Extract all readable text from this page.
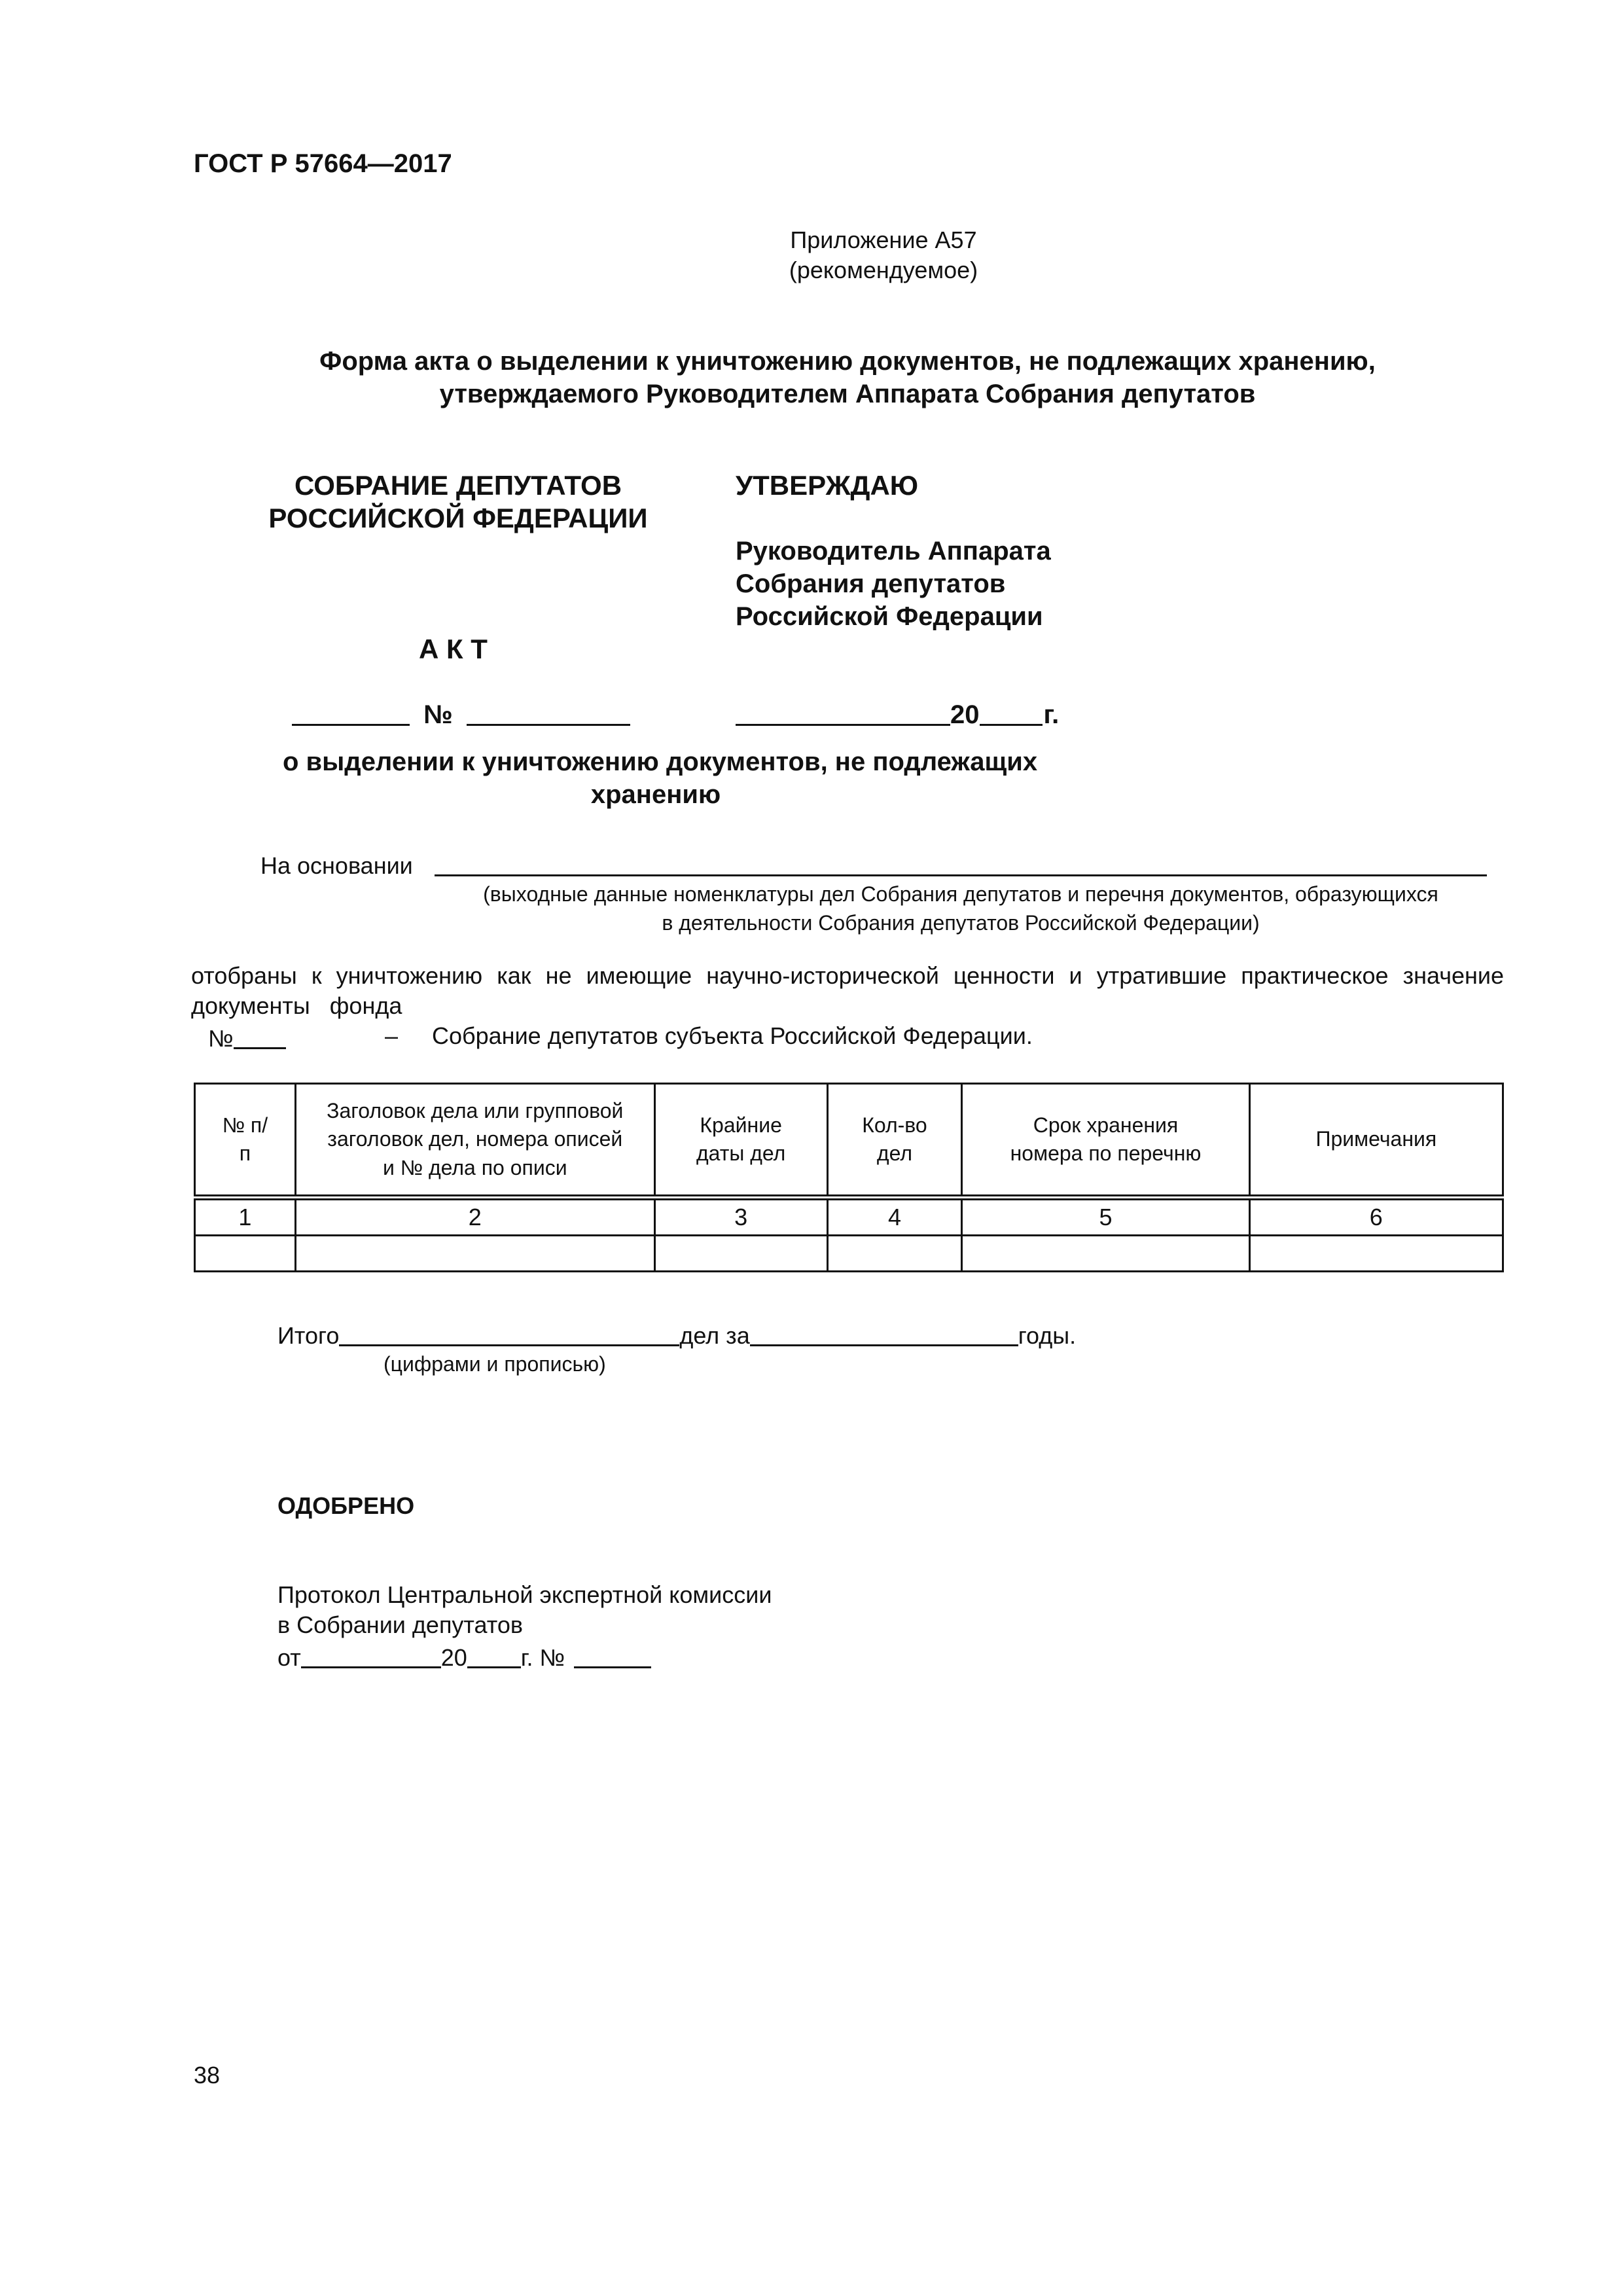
ГОСТ Р 57664—2017
Приложение А57
(рекомендуемое)
Форма акта о выделении к уничтожению документов, не подлежащих хранению,
утверждаемого Руководителем Аппарата Собрания депутатов
СОБРАНИЕ ДЕПУТАТОВ
РОССИЙСКОЙ ФЕДЕРАЦИИ
УТВЕРЖДАЮ
Руководитель Аппарата
Собрания депутатов
Российской Федерации
А К Т
№	20 г.
о выделении к уничтожению документов, не подлежащих
хранению
На основании
(выходные данные номенклатуры дел Собрания депутатов и перечня документов, образующихся
в деятельности Собрания депутатов Российской Федерации)
отобраны к уничтожению как не имеющие научно-исторической ценности и утратившие практическое значение
документы   фонда
№	– Собрание депутатов субъекта Российской Федерации.
№ п/п	Заголовок дела или групповой заголовок дел, номера описей и № дела по описи	Крайние даты дел	Кол-во дел	Срок хранения номера по перечню	Примечания
1	2	3	4	5	6

Итого	дел за	годы.
(цифрами и прописью)
ОДОБРЕНО
Протокол Центральной экспертной комиссии
в Собрании депутатов
от	20 г. №
38
